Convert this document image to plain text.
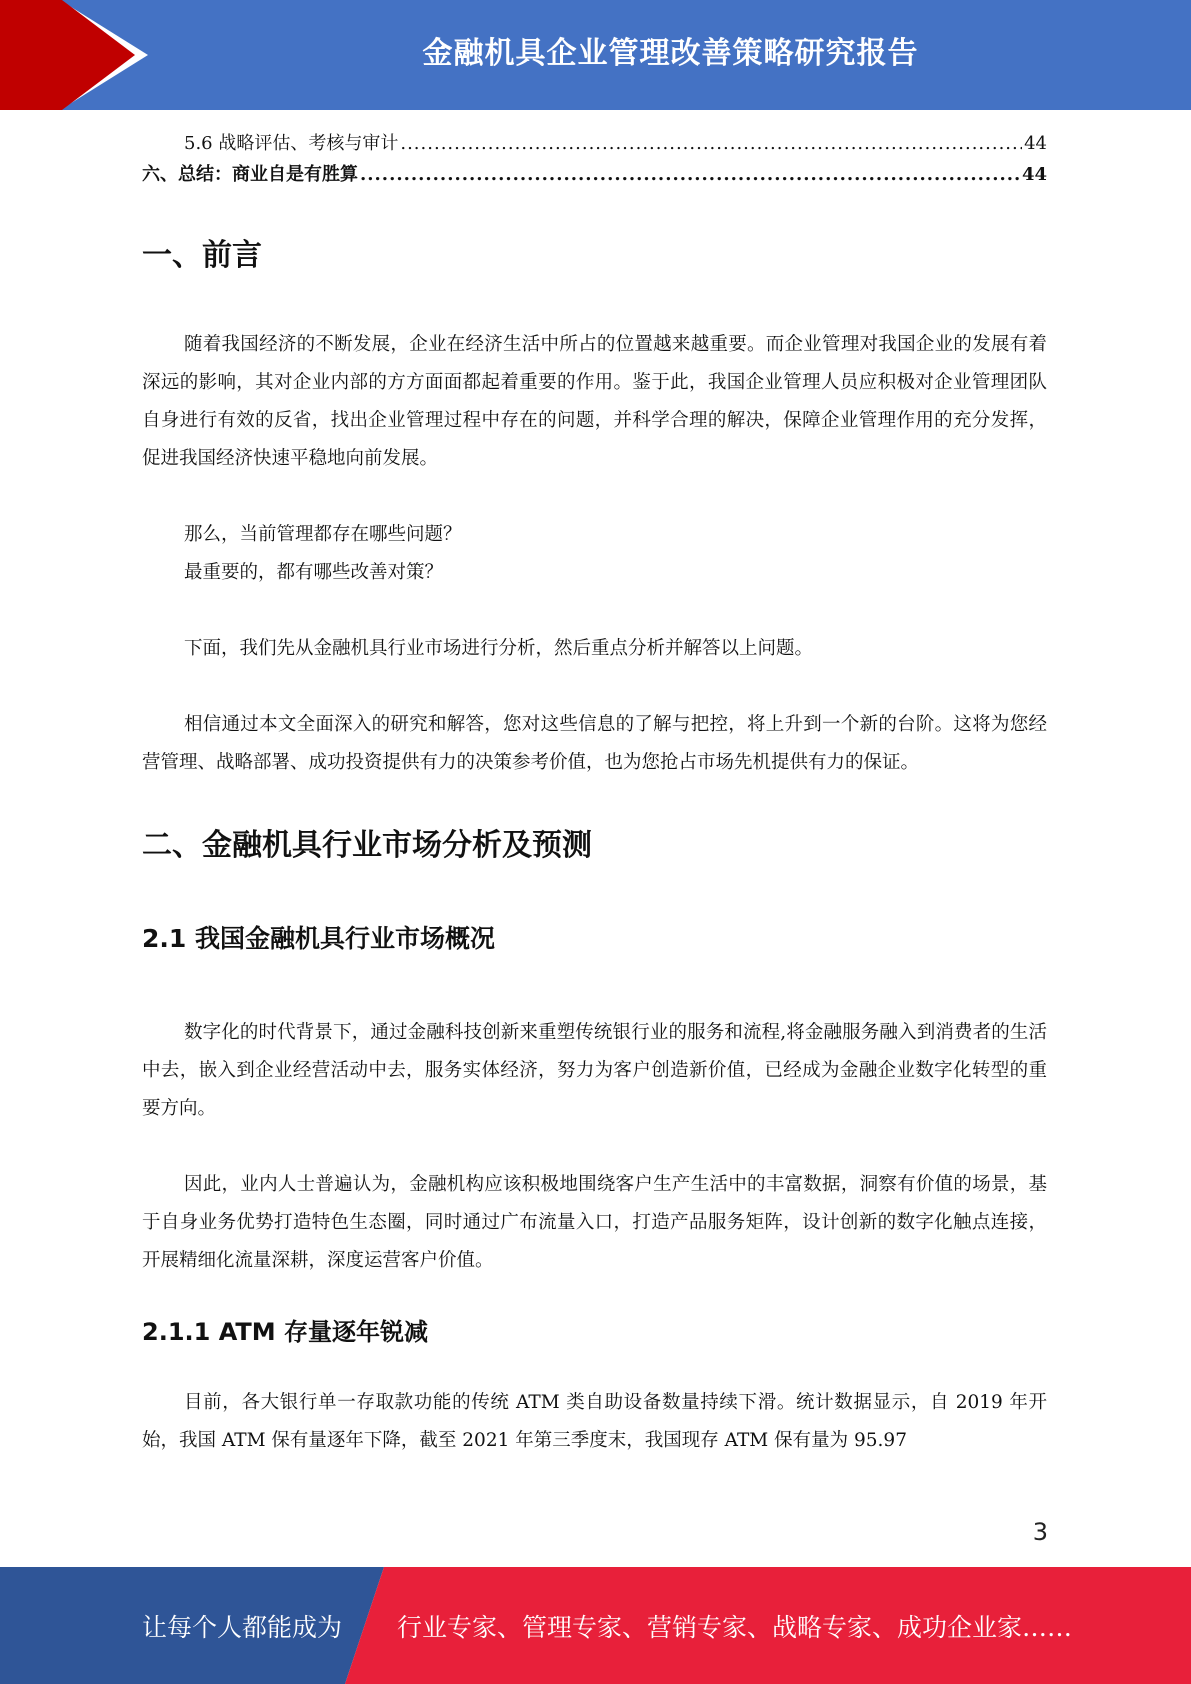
金融机具企业管理改善策略研究报告
5.6 战略评估、考核与审计 .....	44
六、总结：商业自是有胜算 .....	44
一、前言

随着我国经济的不断发展，企业在经济生活中所占的位置越来越重要。而企业管理对我国企业的发展有着深远的影响，其对企业内部的方方面面都起着重要的作用。鉴于此，我国企业管理人员应积极对企业管理团队自身进行有效的反省，找出企业管理过程中存在的问题，并科学合理的解决，保障企业管理作用的充分发挥，促进我国经济快速平稳地向前发展。

那么，当前管理都存在哪些问题？

最重要的，都有哪些改善对策？

下面，我们先从金融机具行业市场进行分析，然后重点分析并解答以上问题。

相信通过本文全面深入的研究和解答，您对这些信息的了解与把控，将上升到一个新的台阶。这将为您经营管理、战略部署、成功投资提供有力的决策参考价值，也为您抢占市场先机提供有力的保证。

二、金融机具行业市场分析及预测
2.1 我国金融机具行业市场概况

数字化的时代背景下，通过金融科技创新来重塑传统银行业的服务和流程,将金融服务融入到消费者的生活中去，嵌入到企业经营活动中去，服务实体经济，努力为客户创造新价值，已经成为金融企业数字化转型的重要方向。

因此，业内人士普遍认为，金融机构应该积极地围绕客户生产生活中的丰富数据，洞察有价值的场景，基于自身业务优势打造特色生态圈，同时通过广布流量入口，打造产品服务矩阵，设计创新的数字化触点连接，开展精细化流量深耕，深度运营客户价值。

2.1.1 ATM 存量逐年锐减

目前，各大银行单一存取款功能的传统 ATM 类自助设备数量持续下滑。统计数据显示，自 2019 年开始，我国 ATM 保有量逐年下降，截至 2021 年第三季度末，我国现存 ATM 保有量为 95.97

3
让每个人都能成为 行业专家、管理专家、营销专家、战略专家、成功企业家……
